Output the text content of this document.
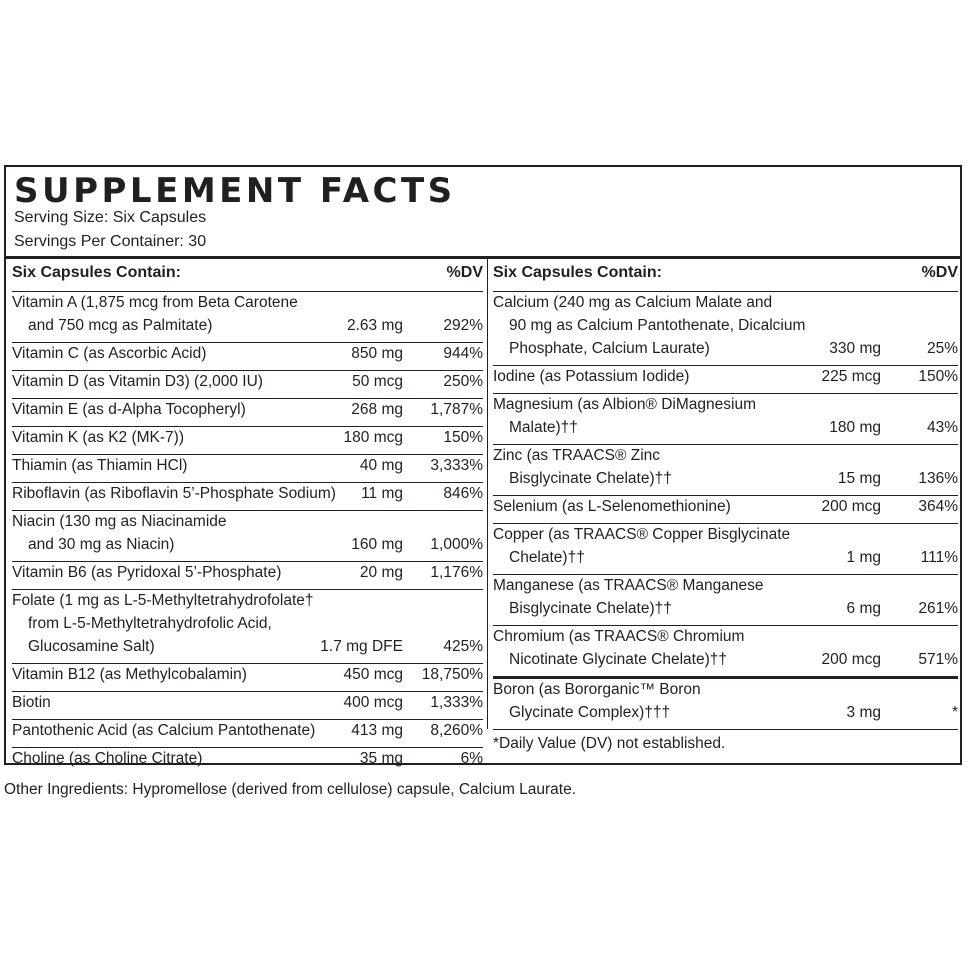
SUPPLEMENT FACTS
Serving Size: Six Capsules
Servings Per Container: 30
Six Capsules Contain:	%DV
Vitamin A (1,875 mcg from Beta Carotene
and 750 mcg as Palmitate)	2.63 mg	292%
Vitamin C (as Ascorbic Acid)	850 mg	944%
Vitamin D (as Vitamin D3) (2,000 IU)	50 mcg	250%
Vitamin E (as d-Alpha Tocopheryl)	268 mg 1,787%
Vitamin K (as K2 (MK-7))	180 mcg	150%
Thiamin (as Thiamin HCl)	40 mg 3,333%
Riboflavin (as Riboflavin 5’-Phosphate Sodium) 11 mg	846%
Niacin (130 mg as Niacinamide
and 30 mg as Niacin)	160 mg 1,000%
Vitamin B6 (as Pyridoxal 5’-Phosphate)	20 mg 1,176%
Folate (1 mg as L-5-Methyltetrahydrofolate†
from L-5-Methyltetrahydrofolic Acid,
Glucosamine Salt)	1.7 mg DFE	425%
Vitamin B12 (as Methylcobalamin)	450 mcg 18,750%
Biotin	400 mcg 1,333%
Pantothenic Acid (as Calcium Pantothenate) 413 mg 8,260%
Choline (as Choline Citrate)	35 mg	6%
Six Capsules Contain:	%DV
Calcium (240 mg as Calcium Malate and
90 mg as Calcium Pantothenate, Dicalcium
Phosphate, Calcium Laurate)	330 mg	25%
Iodine (as Potassium Iodide)	225 mcg 150%
Magnesium (as Albion® DiMagnesium
Malate)††	180 mg	43%
Zinc (as TRAACS® Zinc
Bisglycinate Chelate)††	15 mg 136%
Selenium (as L-Selenomethionine)	200 mcg 364%
Copper (as TRAACS® Copper Bisglycinate
Chelate)††	1 mg	111%
Manganese (as TRAACS® Manganese
Bisglycinate Chelate)††	6 mg 261%
Chromium (as TRAACS® Chromium
Nicotinate Glycinate Chelate)††	200 mcg 571%
Boron (as Bororganic™ Boron
Glycinate Complex)†††	3 mg	*
*Daily Value (DV) not established.
Other Ingredients: Hypromellose (derived from cellulose) capsule, Calcium Laurate.
